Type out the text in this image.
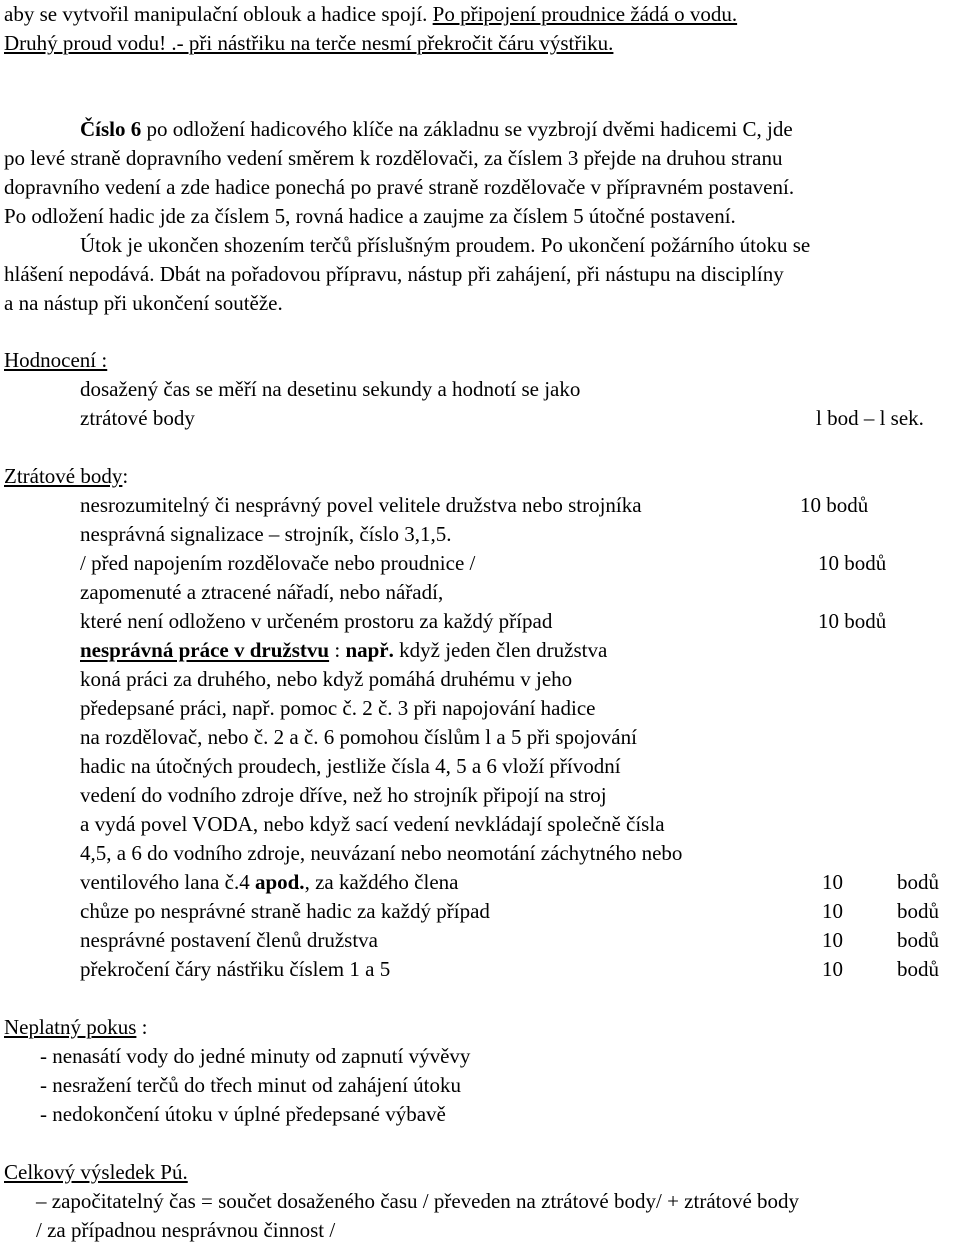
aby se vytvořil manipulační oblouk a hadice spojí. Po připojení proudnice žádá o vodu.
Druhý proud vodu! .- při nástřiku na terče nesmí překročit čáru výstřiku.
Číslo 6 po odložení hadicového klíče na základnu se vyzbrojí dvěmi hadicemi C, jde
po levé straně dopravního vedení směrem k rozdělovači, za číslem 3 přejde na druhou stranu
dopravního vedení a zde hadice ponechá po pravé straně rozdělovače v přípravném postavení.
Po odložení hadic jde za číslem 5, rovná hadice a zaujme za číslem 5 útočné postavení.
Útok je ukončen shozením terčů příslušným proudem. Po ukončení požárního útoku se
hlášení nepodává. Dbát na pořadovou přípravu, nástup při zahájení, při nástupu na disciplíny
a na nástup při ukončení soutěže.
Hodnocení :
dosažený čas se měří na desetinu sekundy a hodnotí se jako
ztrátové body	l bod – l sek.
Ztrátové body:
nesrozumitelný či nesprávný povel velitele družstva nebo strojníka	10 bodů
nesprávná signalizace – strojník, číslo 3,1,5.
/ před napojením rozdělovače nebo proudnice /	10 bodů
zapomenuté a ztracené nářadí, nebo nářadí,
které není odloženo v určeném prostoru za každý případ	10 bodů
nesprávná práce v družstvu : např. když jeden člen družstva
koná práci za druhého, nebo když pomáhá druhému v jeho
předepsané práci, např. pomoc č. 2 č. 3 při napojování hadice
na rozdělovač, nebo č. 2 a č. 6 pomohou číslům l a 5 při spojování
hadic na útočných proudech, jestliže čísla 4, 5 a 6 vloží přívodní
vedení do vodního zdroje dříve, než ho strojník připojí na stroj
a vydá povel VODA, nebo když sací vedení nevkládají společně čísla
4,5, a 6 do vodního zdroje, neuvázaní nebo neomotání záchytného nebo
ventilového lana č.4 apod., za každého člena	10	bodů
chůze po nesprávné straně hadic za každý případ	10	bodů
nesprávné postavení členů družstva	10	bodů
překročení čáry nástřiku číslem 1 a 5	10	bodů
Neplatný pokus :
- nenasátí vody do jedné minuty od zapnutí vývěvy
- nesražení terčů do třech minut od zahájení útoku
- nedokončení útoku v úplné předepsané výbavě
Celkový výsledek Pú.
– započitatelný čas = součet dosaženého času / převeden na ztrátové body/ + ztrátové body
/ za případnou nesprávnou činnost /
